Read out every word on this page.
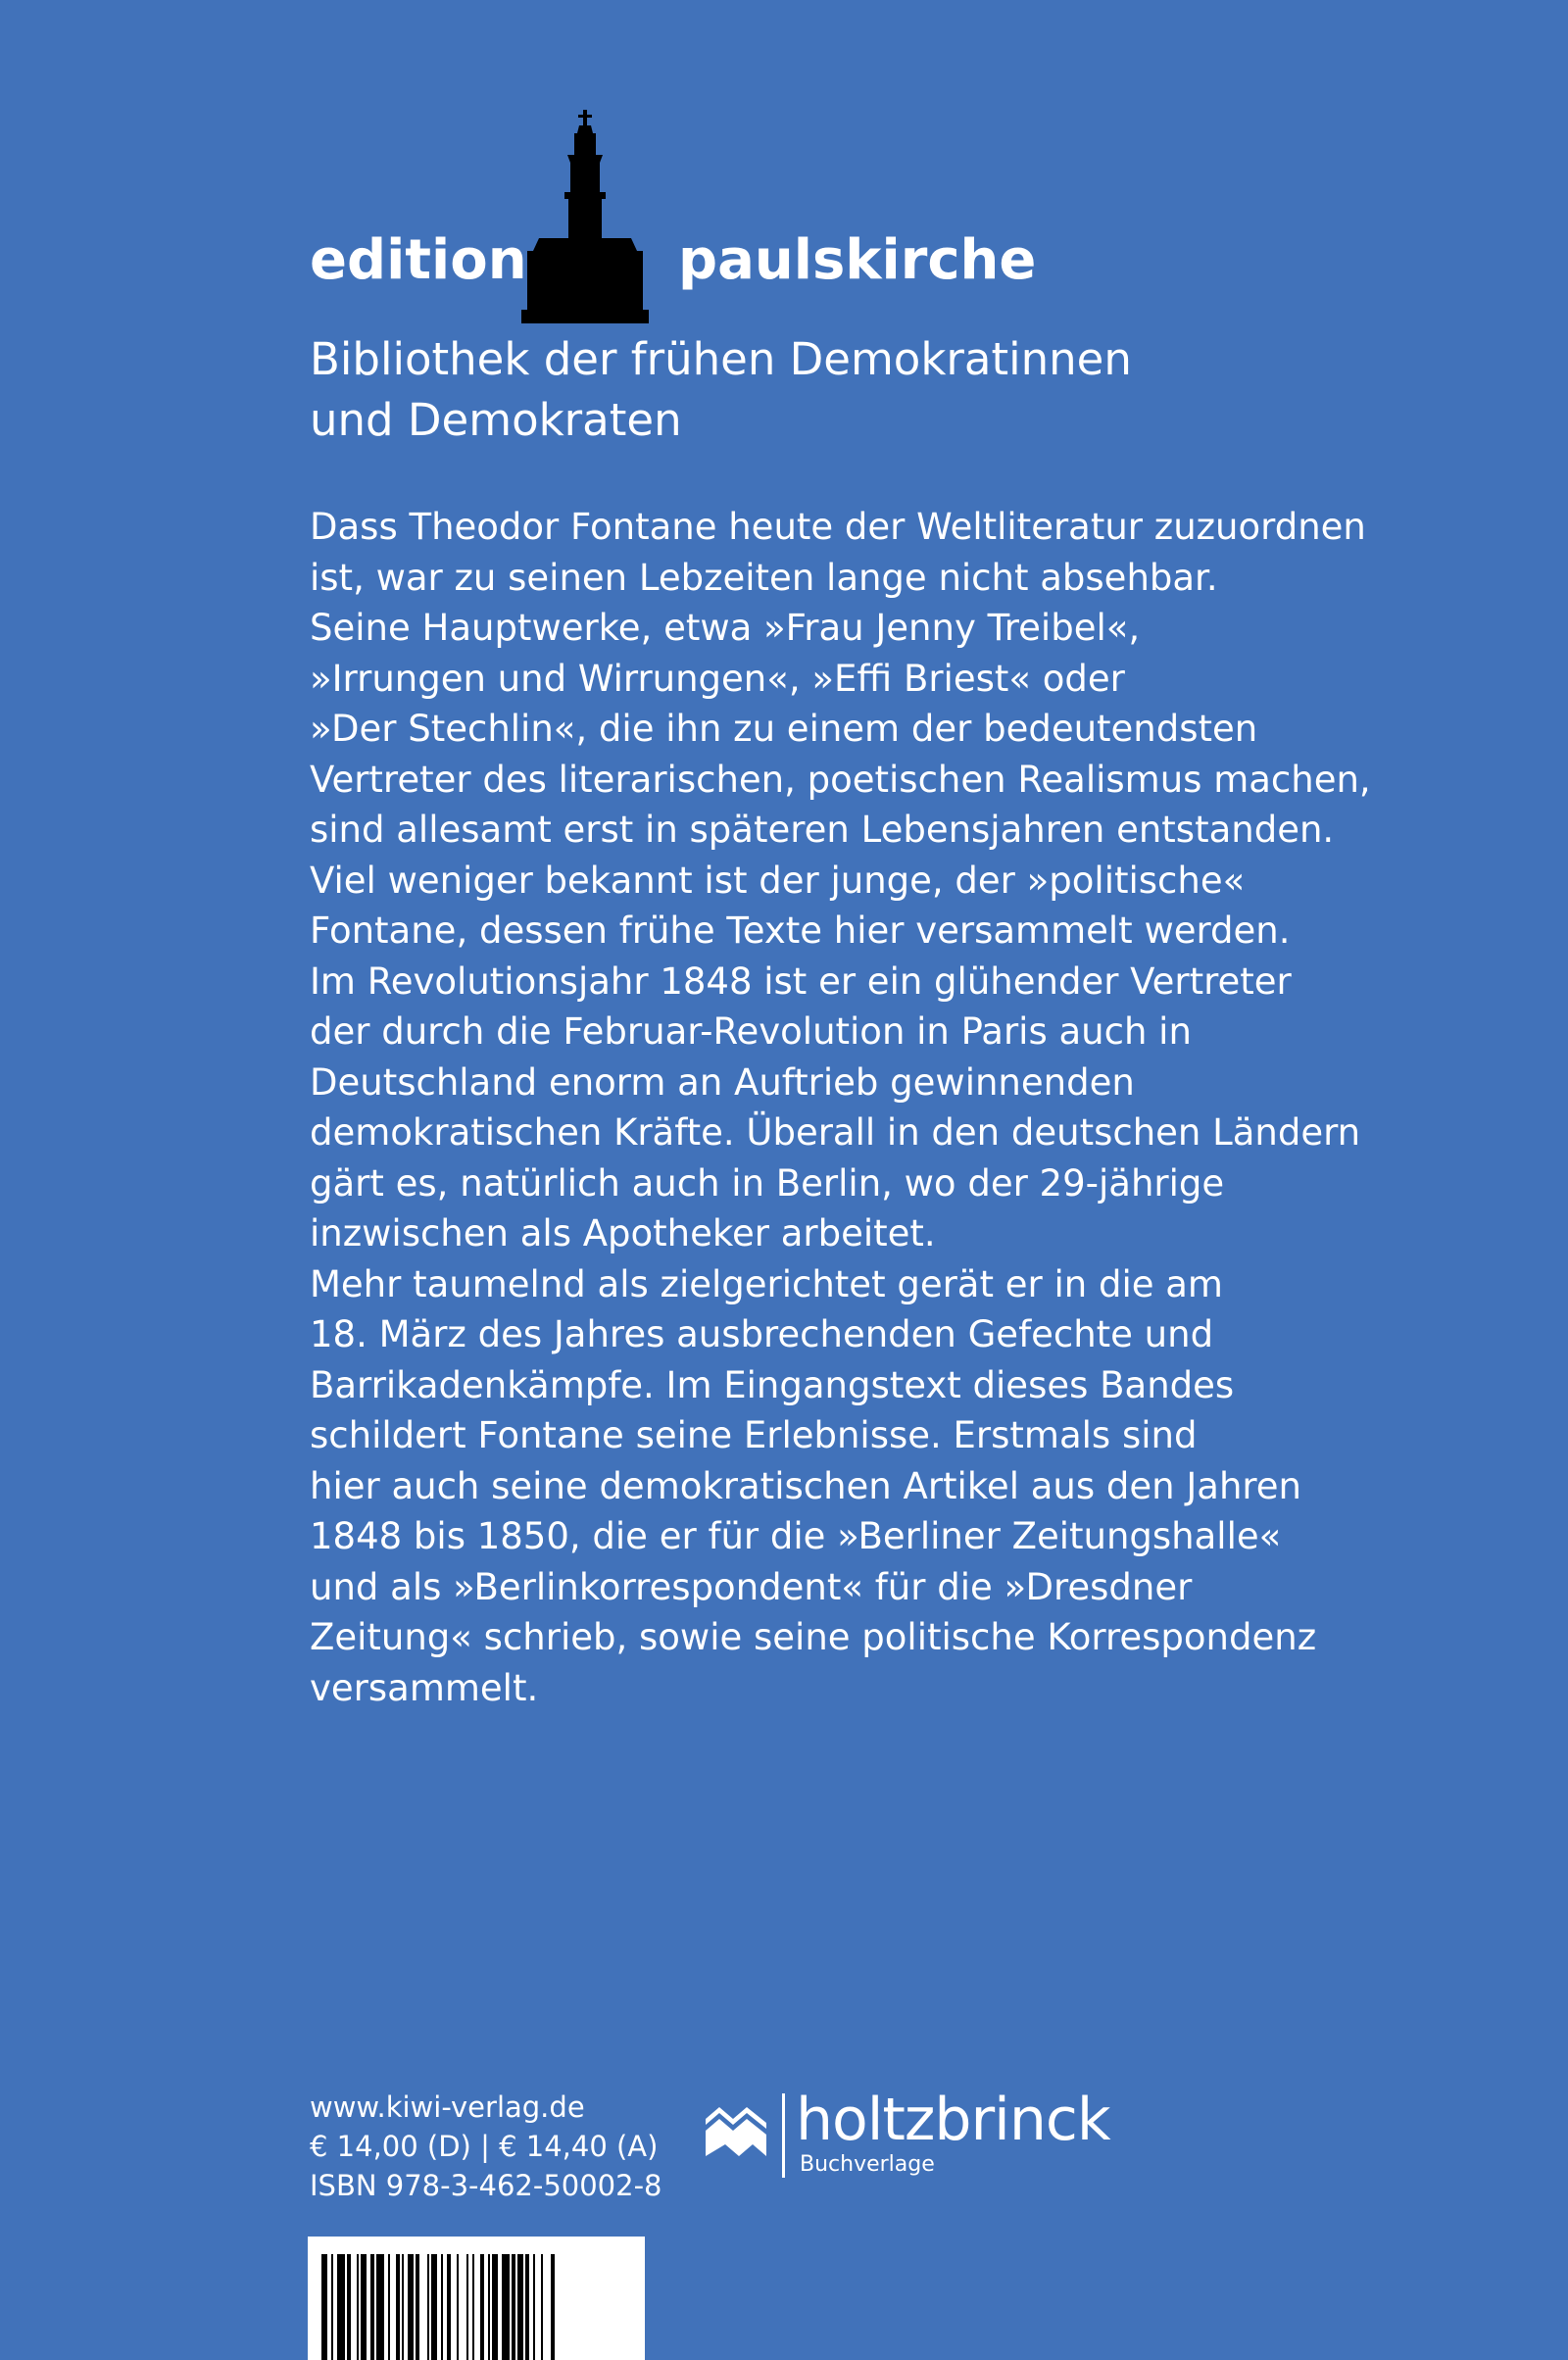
edition	paulskirche
Bibliothek der frühen Demokratinnen
und Demokraten
Dass Theodor Fontane heute der Weltliteratur zuzuordnen
ist, war zu seinen Lebzeiten lange nicht absehbar.
Seine Hauptwerke, etwa »Frau Jenny Treibel«,
»Irrungen und Wirrungen«, »Effi Briest« oder
»Der Stechlin«, die ihn zu einem der bedeutendsten
Vertreter des literarischen, poetischen Realismus machen,
sind allesamt erst in späteren Lebensjahren entstanden.
Viel weniger bekannt ist der junge, der »politische«
Fontane, dessen frühe Texte hier versammelt werden.
Im Revolutionsjahr 1848 ist er ein glühender Vertreter
der durch die Februar-Revolution in Paris auch in
Deutschland enorm an Auftrieb gewinnenden
demokratischen Kräfte. Überall in den deutschen Ländern
gärt es, natürlich auch in Berlin, wo der 29-jährige
inzwischen als Apotheker arbeitet.
Mehr taumelnd als zielgerichtet gerät er in die am
18. März des Jahres ausbrechenden Gefechte und
Barrikadenkämpfe. Im Eingangstext dieses Bandes
schildert Fontane seine Erlebnisse. Erstmals sind
hier auch seine demokratischen Artikel aus den Jahren
1848 bis 1850, die er für die »Berliner Zeitungshalle«
und als »Berlinkorrespondent« für die »Dresdner
Zeitung« schrieb, sowie seine politische Korrespondenz
versammelt.
www.kiwi-verlag.de
€ 14,00 (D) | € 14,40 (A)
ISBN 978-3-462-50002-8
holtzbrinck
Buchverlage
